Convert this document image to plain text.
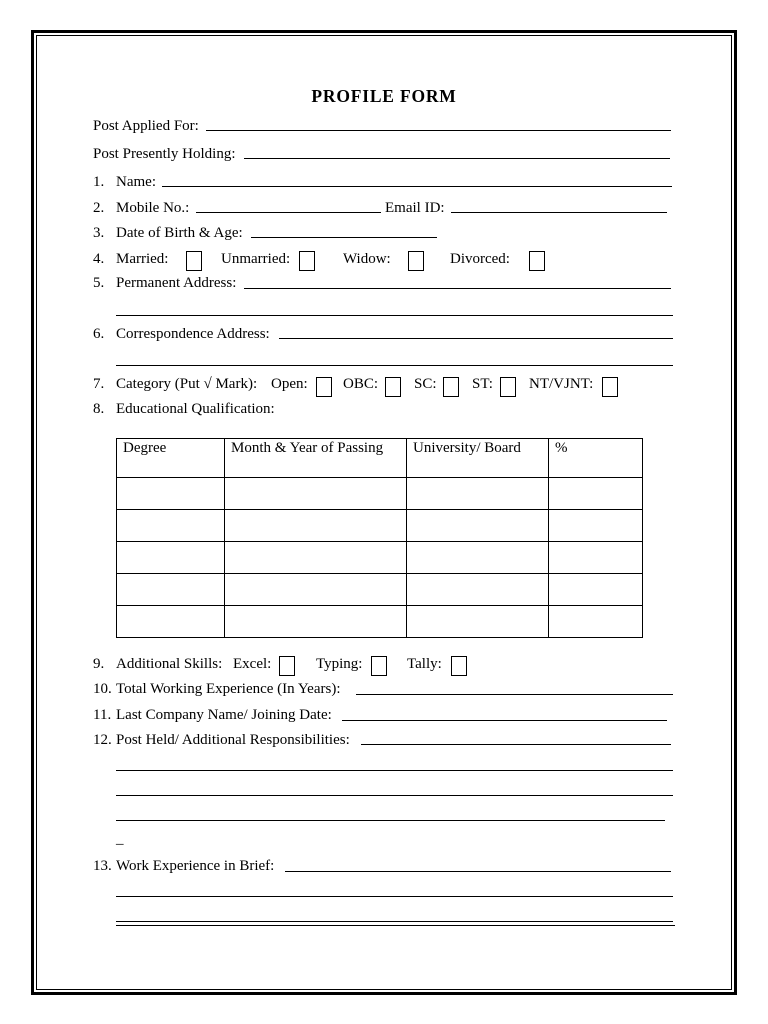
PROFILE FORM
Post Applied For:
Post Presently Holding:
1. Name:
2. Mobile No.:	Email ID:
3. Date of Birth & Age:
4. Married:	Unmarried:	Widow:	Divorced:
5. Permanent Address:
6. Correspondence Address:
7. Category (Put √ Mark): Open: OBC: SC: ST: NT/VJNT:
8. Educational Qualification:
Degree	Month & Year of Passing	University/ Board	%

9. Additional Skills: Excel:	Typing:	Tally:
10. Total Working Experience (In Years):
11. Last Company Name/ Joining Date:
12. Post Held/ Additional Responsibilities:
_
13. Work Experience in Brief:
